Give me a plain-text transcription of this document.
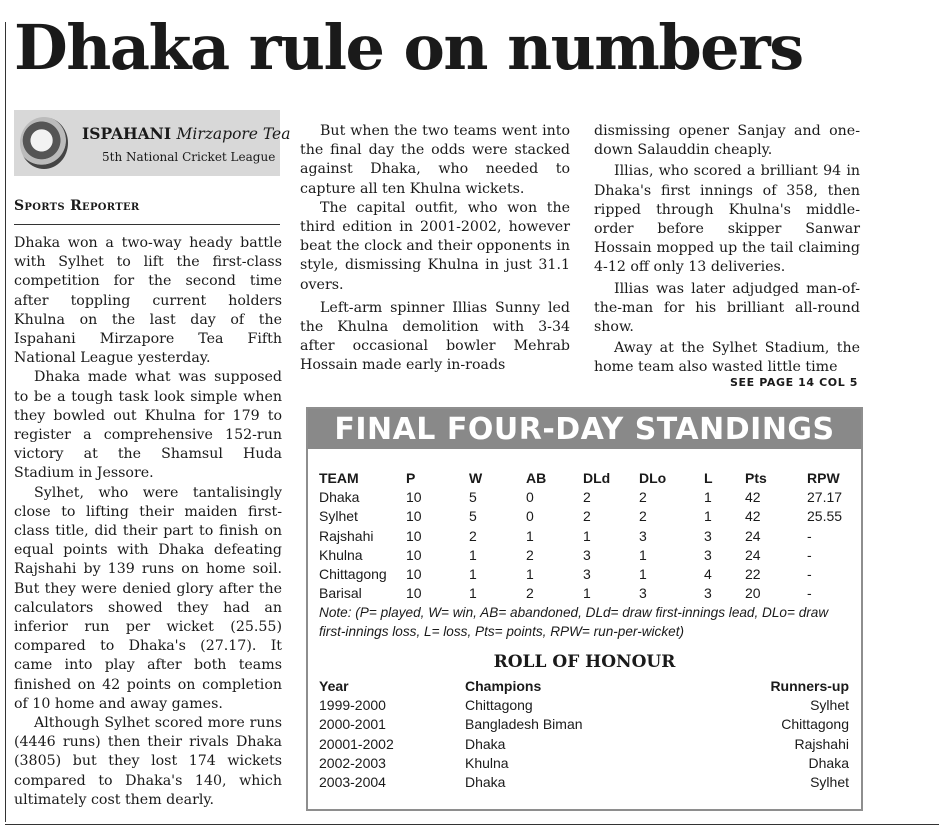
Dhaka rule on numbers
ISPAHANI Mirzapore Tea
5th National Cricket League
Sports Reporter

Dhaka won a two-way heady battle with Sylhet to lift the first-class competition for the second time after toppling current holders Khulna on the last day of the Ispahani Mirzapore Tea Fifth National League yesterday.

Dhaka made what was supposed to be a tough task look simple when they bowled out Khulna for 179 to register a comprehensive 152-run victory at the Shamsul Huda Stadium in Jessore.

Sylhet, who were tantalisingly close to lifting their maiden first-class title, did their part to finish on equal points with Dhaka defeating Rajshahi by 139 runs on home soil. But they were denied glory after the calculators showed they had an inferior run per wicket (25.55) compared to Dhaka's (27.17). It came into play after both teams finished on 42 points on completion of 10 home and away games.

Although Sylhet scored more runs (4446 runs) then their rivals Dhaka (3805) but they lost 174 wickets compared to Dhaka's 140, which ultimately cost them dearly.

But when the two teams went into the final day the odds were stacked against Dhaka, who needed to capture all ten Khulna wickets.

The capital outfit, who won the third edition in 2001-2002, however beat the clock and their opponents in style, dismissing Khulna in just 31.1 overs.

Left-arm spinner Illias Sunny led the Khulna demolition with 3-34 after occasional bowler Mehrab Hossain made early in-roads

dismissing opener Sanjay and one-down Salauddin cheaply.

Illias, who scored a brilliant 94 in Dhaka's first innings of 358, then ripped through Khulna's middle-order before skipper Sanwar Hossain mopped up the tail claiming 4-12 off only 13 deliveries.

Illias was later adjudged man-of-the-man for his brilliant all-round show.

Away at the Sylhet Stadium, the home team also wasted little time

SEE PAGE 14 COL 5
FINAL FOUR-DAY STANDINGS
TEAM	P	W	AB	DLd DLo	L Pts	RPW
Dhaka	10	5	0	2	2	1 42	27.17
Sylhet	10	5	0	2	2	1 42	25.55
Rajshahi 10	2	1	1	3	3 24	-
Khulna	10	1	2	3	1	3 24	-
Chittagong 10	1	1	3	1	4 22	-
Barisal	10	1	2	1	3	3 20	-
Note: (P= played, W= win, AB= abandoned, DLd= draw first-innings lead, DLo= draw first-innings loss, L= loss, Pts= points, RPW= run-per-wicket)
ROLL OF HONOUR
Year	Champions	Runners-up
1999-2000	Chittagong	Sylhet
2000-2001	Bangladesh Biman	Chittagong
20001-2002	Dhaka	Rajshahi
2002-2003	Khulna	Dhaka
2003-2004	Dhaka	Sylhet
